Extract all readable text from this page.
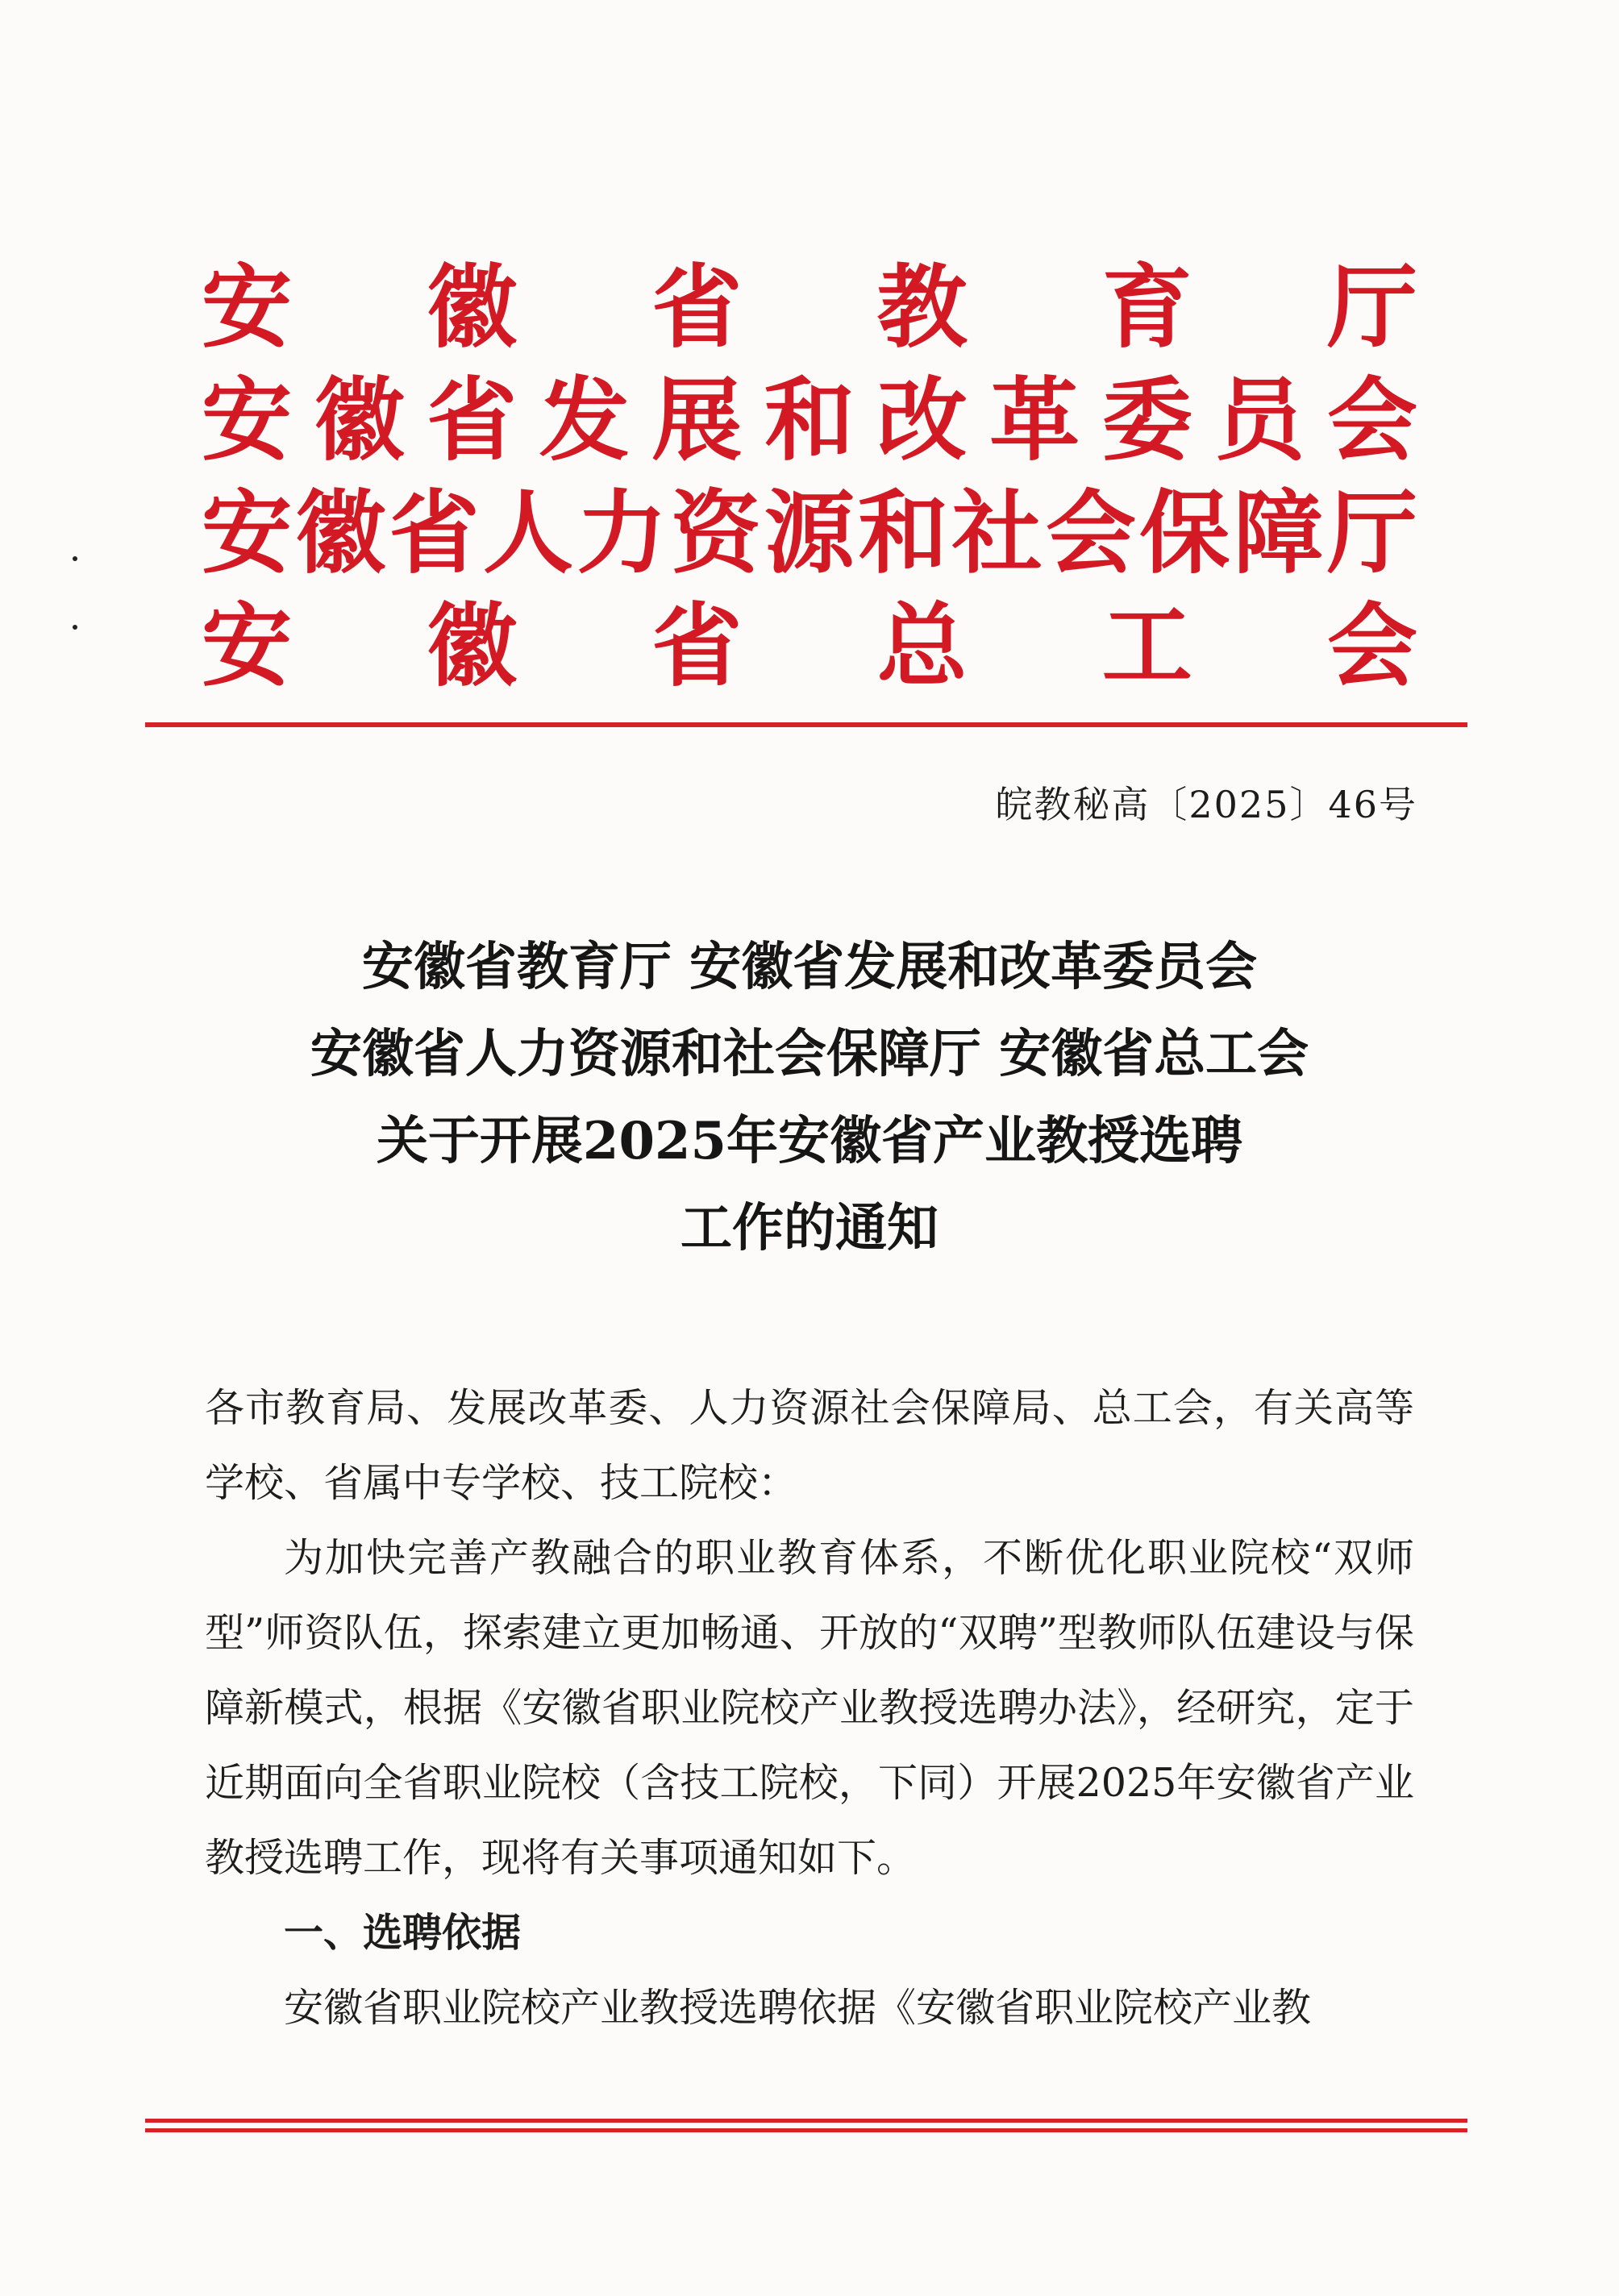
安 徽 省 教 育 厅
安 徽 省 发 展 和 改 革 委 员 会
安 徽 省 人 力 资 源 和 社 会 保 障 厅
安 徽 省 总 工 会
皖教秘高〔2025〕46号
安徽省教育厅 安徽省发展和改革委员会
安徽省人力资源和社会保障厅 安徽省总工会
关于开展2025年安徽省产业教授选聘
工作的通知

各市教育局、发展改革委、人力资源社会保障局、总工会，有关高等学校、省属中专学校、技工院校：

为加快完善产教融合的职业教育体系，不断优化职业院校“双师型”师资队伍，探索建立更加畅通、开放的“双聘”型教师队伍建设与保障新模式，根据《安徽省职业院校产业教授选聘办法》，经研究，定于近期面向全省职业院校（含技工院校，下同）开展2025年安徽省产业教授选聘工作，现将有关事项通知如下。

一、选聘依据

安徽省职业院校产业教授选聘依据《安徽省职业院校产业教
